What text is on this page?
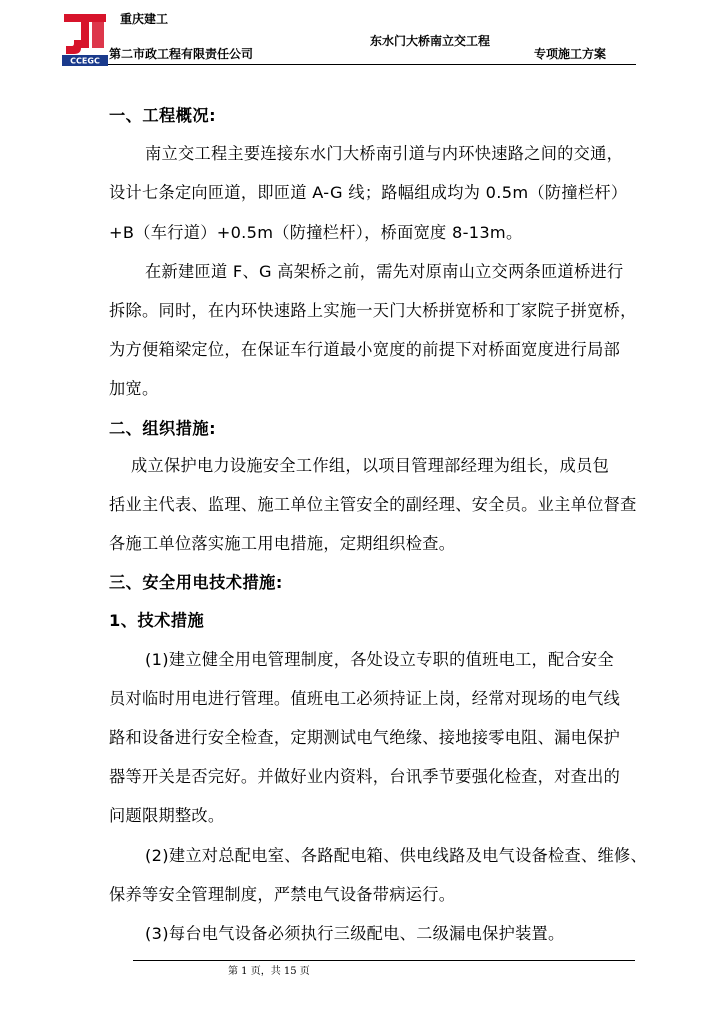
CCEGC
重庆建工
第二市政工程有限责任公司
东水门大桥南立交工程
专项施工方案

一、工程概况:

南立交工程主要连接东水门大桥南引道与内环快速路之间的交通，
设计七条定向匝道，即匝道 A-G 线；路幅组成均为 0.5m（防撞栏杆）
+B（车行道）+0.5m（防撞栏杆），桥面宽度 8-13m。
在新建匝道 F、G 高架桥之前，需先对原南山立交两条匝道桥进行
拆除。同时，在内环快速路上实施一天门大桥拼宽桥和丁家院子拼宽桥，
为方便箱梁定位，在保证车行道最小宽度的前提下对桥面宽度进行局部
加宽。

二、组织措施:

成立保护电力设施安全工作组，以项目管理部经理为组长，成员包
括业主代表、监理、施工单位主管安全的副经理、安全员。业主单位督查
各施工单位落实施工用电措施，定期组织检查。

三、安全用电技术措施:

1、技术措施

(1)建立健全用电管理制度，各处设立专职的值班电工，配合安全
员对临时用电进行管理。值班电工必须持证上岗，经常对现场的电气线
路和设备进行安全检查，定期测试电气绝缘、接地接零电阻、漏电保护
器等开关是否完好。并做好业内资料，台讯季节要强化检查，对查出的
问题限期整改。
(2)建立对总配电室、各路配电箱、供电线路及电气设备检查、维修、
保养等安全管理制度，严禁电气设备带病运行。
(3)每台电气设备必须执行三级配电、二级漏电保护装置。
第 1 页，共 15 页
